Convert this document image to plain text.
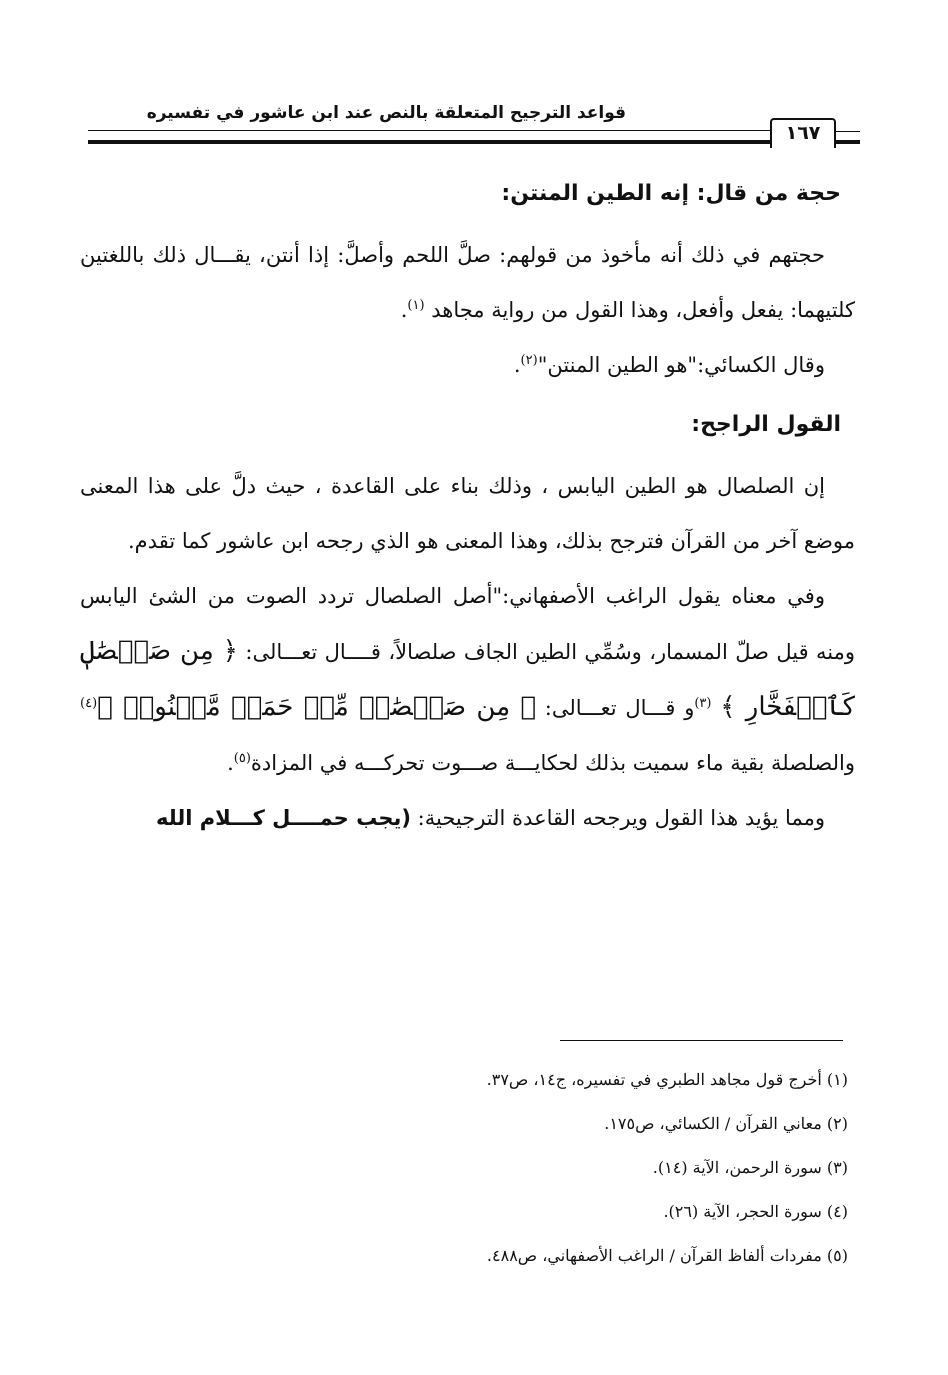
قواعد الترجيح المتعلقة بالنص عند ابن عاشور في تفسيره
١٦٧

حجة من قال: إنه الطين المنتن:

حجتهم في ذلك أنه مأخوذ من قولهم: صلَّ اللحم وأصلَّ: إذا أنتن، يقـــال ذلك باللغتين كلتيهما: يفعل وأفعل، وهذا القول من رواية مجاهد $^{(١)}$.

وقال الكسائي:"هو الطين المنتن"$^{(٢)}$.

القول الراجح:

إن الصلصال هو الطين اليابس ، وذلك بناء على القاعدة ، حيث دلَّ على هذا المعنى موضع آخر من القرآن فترجح بذلك، وهذا المعنى هو الذي رجحه ابن عاشور كما تقدم.

وفي معناه يقول الراغب الأصفهاني:"أصل الصلصال تردد الصوت من الشئ اليابس ومنه قيل صلّ المسمار، وسُمِّي الطين الجاف صلصالاً، قــــال تعـــالى: ﴿ مِن صَلۡصَٰلٖ كَٱلۡفَخَّارِ ﴾ $^{(٣)}$و قـــال تعـــالى: ﴿ مِن صَلۡصَٰلٖ مِّنۡ حَمَإٖ مَّسۡنُونٖ ﴾$^{(٤)}$ والصلصلة بقية ماء سميت بذلك لحكايـــة صـــوت تحركـــه في المزادة$^{(٥)}$.

ومما يؤيد هذا القول ويرجحه القاعدة الترجيحية: (يجب حمــــل كـــلام الله

(١) أخرج قول مجاهد الطبري في تفسيره، ج١٤، ص٣٧.

(٢) معاني القرآن / الكسائي، ص١٧٥.

(٣) سورة الرحمن، الآية (١٤).

(٤) سورة الحجر، الآية (٢٦).

(٥) مفردات ألفاظ القرآن / الراغب الأصفهاني، ص٤٨٨.
